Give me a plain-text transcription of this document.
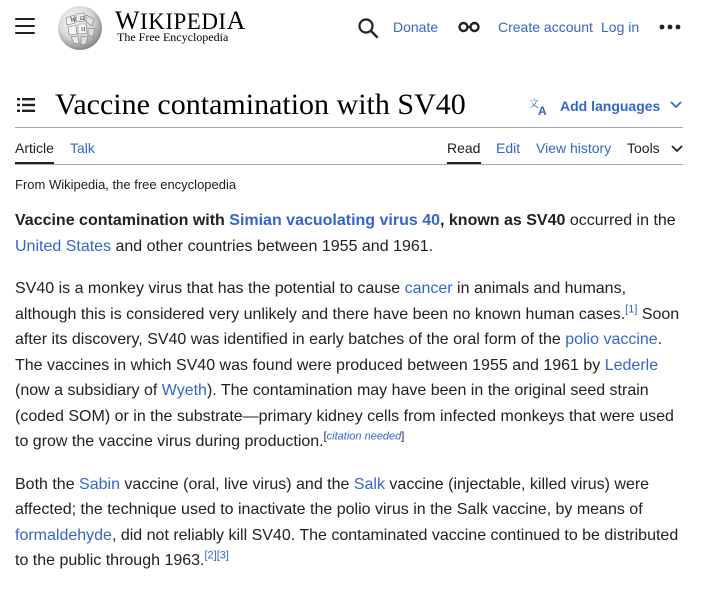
W Ω
И WIKIPEDIA
The Free Encyclopedia
Donate	Create account Log in
Vaccine contamination with SV40	文 A Add languages
Article Talk	Read Edit View history Tools
From Wikipedia, the free encyclopedia

Vaccine contamination with Simian vacuolating virus 40, known as SV40 occurred in the United States and other countries between 1955 and 1961.

SV40 is a monkey virus that has the potential to cause cancer in animals and humans, although this is considered very unlikely and there have been no known human cases.[1] Soon after its discovery, SV40 was identified in early batches of the oral form of the polio vaccine. The vaccines in which SV40 was found were produced between 1955 and 1961 by Lederle (now a subsidiary of Wyeth). The contamination may have been in the original seed strain (coded SOM) or in the substrate—primary kidney cells from infected monkeys that were used to grow the vaccine virus during production.[citation needed]

Both the Sabin vaccine (oral, live virus) and the Salk vaccine (injectable, killed virus) were affected; the technique used to inactivate the polio virus in the Salk vaccine, by means of formaldehyde, did not reliably kill SV40. The contaminated vaccine continued to be distributed to the public through 1963.[2][3]
